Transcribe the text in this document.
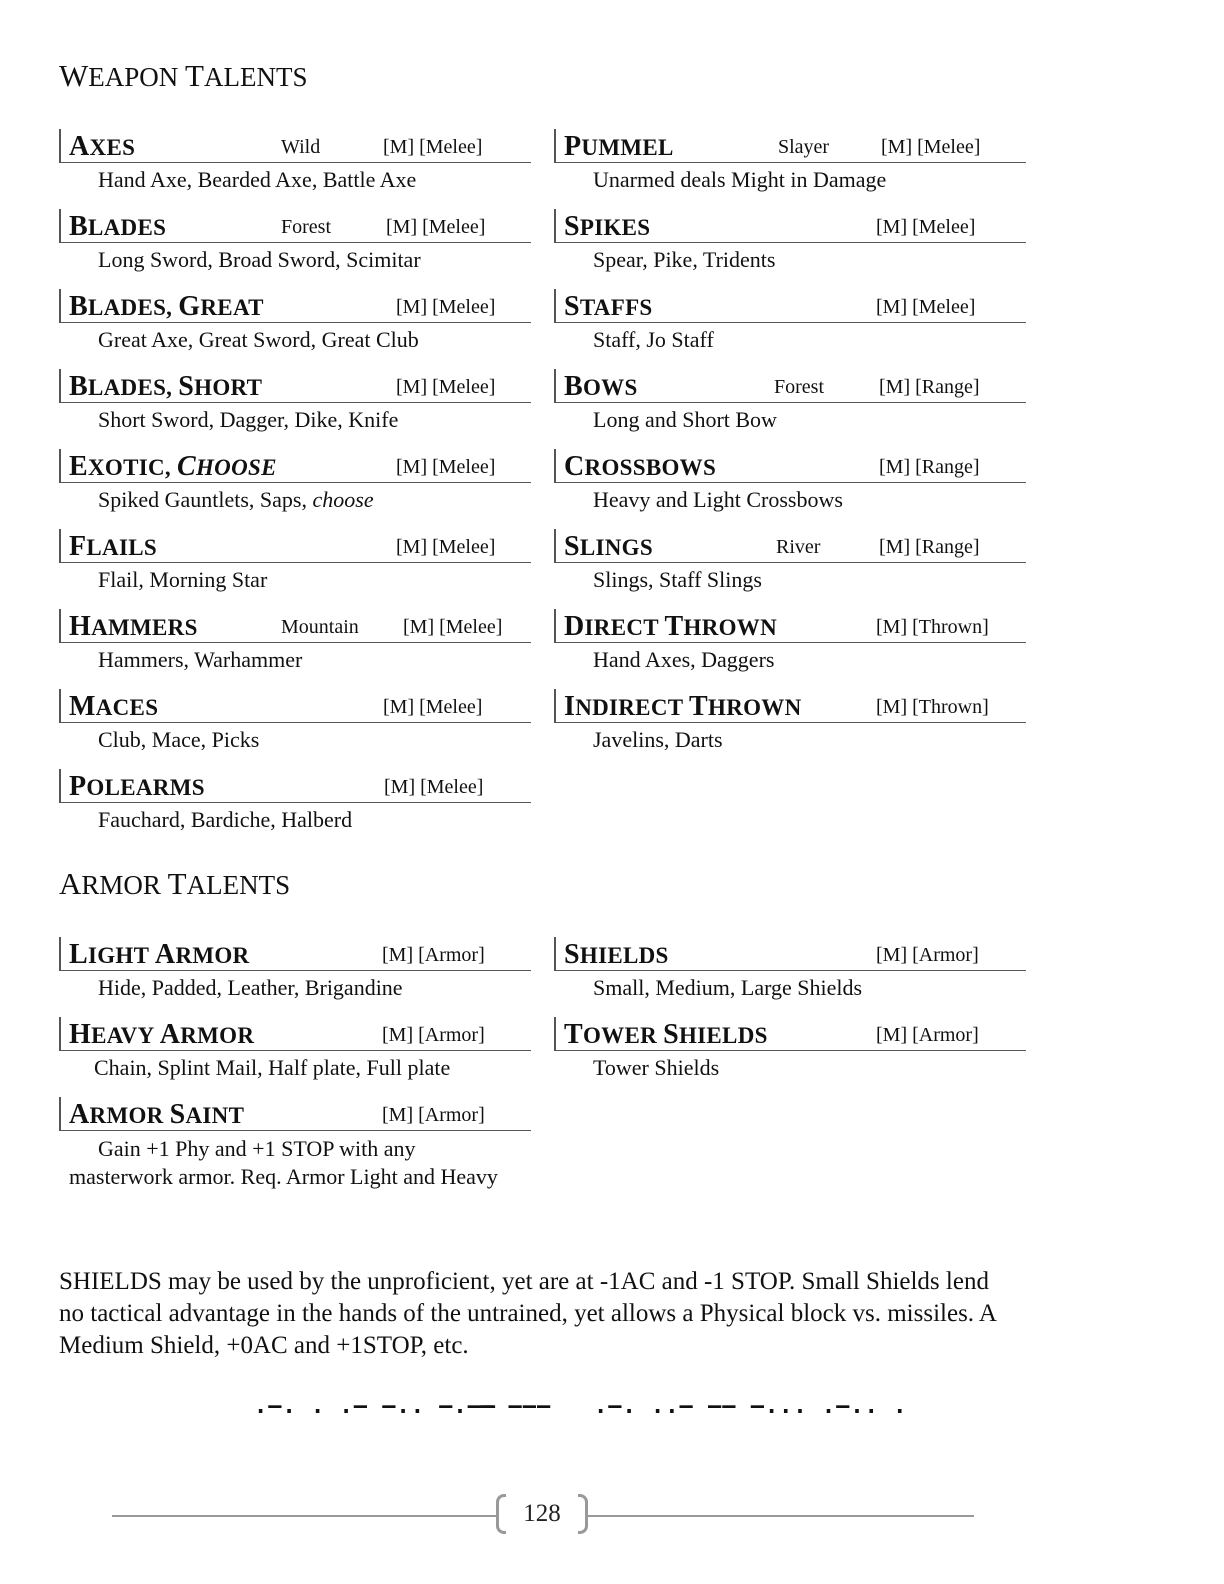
WEAPON TALENTS
AXES	Wild	[M] [Melee]
Hand Axe, Bearded Axe, Battle Axe
BLADES	Forest	[M] [Melee]
Long Sword, Broad Sword, Scimitar
BLADES, GREAT	[M] [Melee]
Great Axe, Great Sword, Great Club
BLADES, SHORT	[M] [Melee]
Short Sword, Dagger, Dike, Knife
EXOTIC, CHOOSE	[M] [Melee]
Spiked Gauntlets, Saps, choose
FLAILS	[M] [Melee]
Flail, Morning Star
HAMMERS	Mountain [M] [Melee]
Hammers, Warhammer
MACES	[M] [Melee]
Club, Mace, Picks
POLEARMS	[M] [Melee]
Fauchard, Bardiche, Halberd
PUMMEL	Slayer	[M] [Melee]
Unarmed deals Might in Damage
SPIKES	[M] [Melee]
Spear, Pike, Tridents
STAFFS	[M] [Melee]
Staff, Jo Staff
BOWS	Forest	[M] [Range]
Long and Short Bow
CROSSBOWS	[M] [Range]
Heavy and Light Crossbows
SLINGS	River	[M] [Range]
Slings, Staff Slings
DIRECT THROWN	[M] [Thrown]
Hand Axes, Daggers
INDIRECT THROWN	[M] [Thrown]
Javelins, Darts
ARMOR TALENTS
LIGHT ARMOR	[M] [Armor]
Hide, Padded, Leather, Brigandine
HEAVY ARMOR	[M] [Armor]
Chain, Splint Mail, Half plate, Full plate
ARMOR SAINT	[M] [Armor]
Gain +1 Phy and +1 STOP with any masterwork armor. Req. Armor Light and Heavy
SHIELDS	[M] [Armor]
Small, Medium, Large Shields
TOWER SHIELDS	[M] [Armor]
Tower Shields
SHIELDS may be used by the unproficient, yet are at -1AC and -1 STOP. Small Shields lend no tactical advantage in the hands of the untrained, yet allows a Physical block vs. missiles. A Medium Shield, +0AC and +1STOP, etc.
.–. . .– –.. –.––
– ––– .–. ..– –– –... .–.. .
128
